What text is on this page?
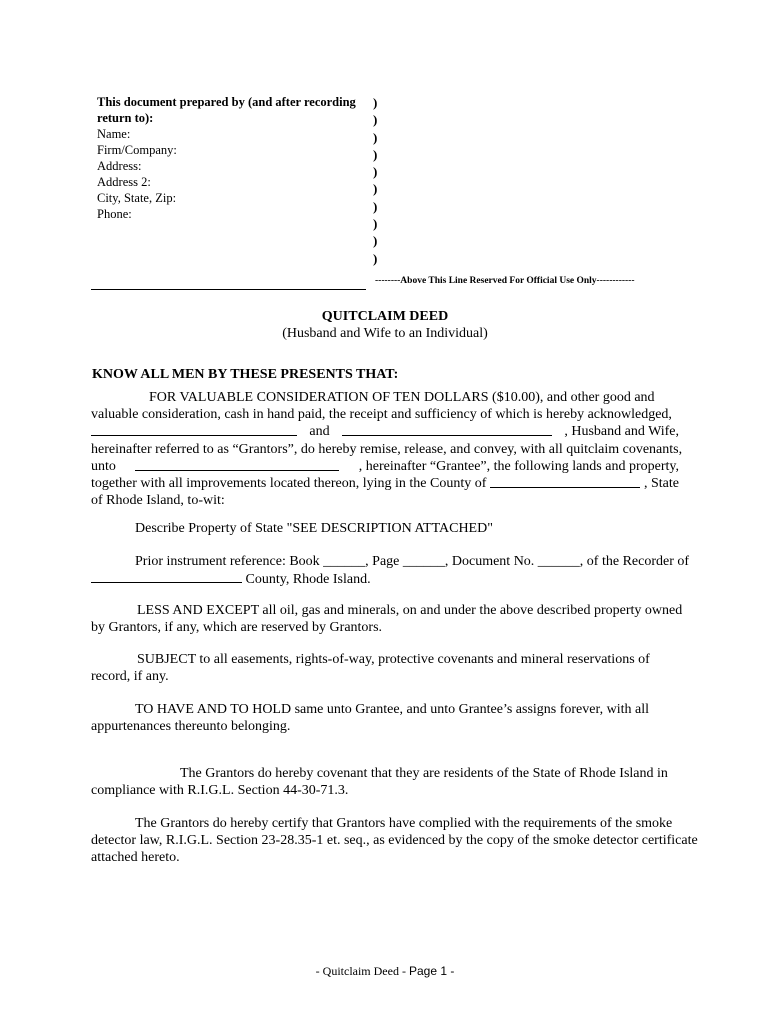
This document prepared by (and after recording return to):
Name:
Firm/Company:
Address:
Address 2:
City, State, Zip:
Phone:
)
)
)
)
)
)
)
)
)
)
--------Above This Line Reserved For Official Use Only------------
QUITCLAIM DEED
(Husband and Wife to an Individual)
KNOW ALL MEN BY THESE PRESENTS THAT:
FOR VALUABLE CONSIDERATION OF TEN DOLLARS ($10.00), and other good and
valuable consideration, cash in hand paid, the receipt and sufficiency of which is hereby acknowledged,
and	, Husband and Wife,
hereinafter referred to as “Grantors”, do hereby remise, release, and convey, with all quitclaim covenants,
unto	, hereinafter “Grantee”, the following lands and property,
together with all improvements located thereon, lying in the County of	, State
of Rhode Island, to-wit:
Describe Property of State "SEE DESCRIPTION ATTACHED"
Prior instrument reference: Book ______, Page ______, Document No. ______, of the Recorder of
County, Rhode Island.
LESS AND EXCEPT all oil, gas and minerals, on and under the above described property owned
by Grantors, if any, which are reserved by Grantors.
SUBJECT to all easements, rights-of-way, protective covenants and mineral reservations of
record, if any.
TO HAVE AND TO HOLD same unto Grantee, and unto Grantee’s assigns forever, with all
appurtenances thereunto belonging.
The Grantors do hereby covenant that they are residents of the State of Rhode Island in
compliance with R.I.G.L. Section 44-30-71.3.
The Grantors do hereby certify that Grantors have complied with the requirements of the smoke
detector law, R.I.G.L. Section 23-28.35-1 et. seq., as evidenced by the copy of the smoke detector certificate
attached hereto.
- Quitclaim Deed - Page 1 -
